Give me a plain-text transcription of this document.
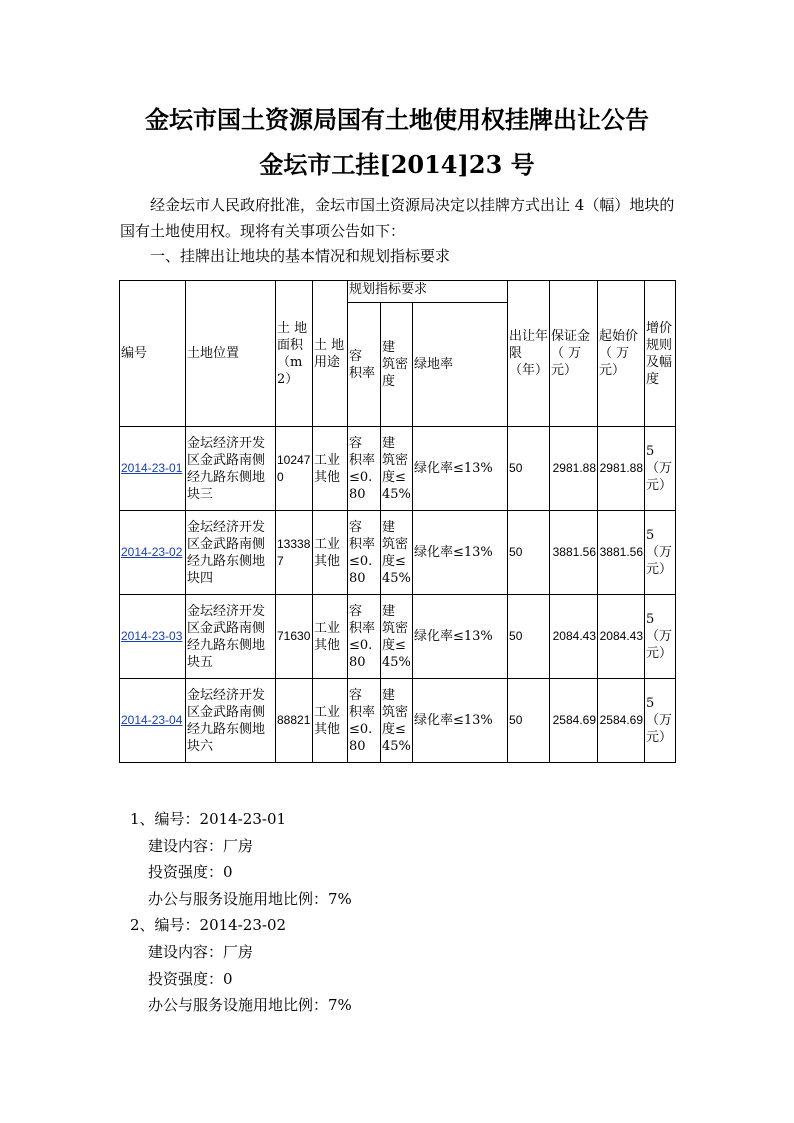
金坛市国土资源局国有土地使用权挂牌出让公告
金坛市工挂[2014]23 号
经金坛市人民政府批准，金坛市国土资源局决定以挂牌方式出让 4（幅）地块的国有土地使用权。现将有关事项公告如下：
一、挂牌出让地块的基本情况和规划指标要求
编号	土地位置	土 地 面积（m2）	土 地用途	规划指标要求			出让年限（年）	保证金（ 万元）	起始价（ 万元）	增价规则及幅度
				容 积率	建 筑密度	绿地率				
2014-23-01	金坛经济开发区金武路南侧经九路东侧地块三	102470	工业其他	容 积率≤0.80	建 筑密 度≤45%	绿化率≤13%	50	2981.88	2981.88	5（万元）
2014-23-02	金坛经济开发区金武路南侧经九路东侧地块四	133387	工业其他	容 积率≤0.80	建 筑密 度≤45%	绿化率≤13%	50	3881.56	3881.56	5（万元）
2014-23-03	金坛经济开发区金武路南侧经九路东侧地块五	71630	工业其他	容 积率≤0.80	建 筑密 度≤45%	绿化率≤13%	50	2084.43	2084.43	5（万元）
2014-23-04	金坛经济开发区金武路南侧经九路东侧地块六	88821	工业其他	容 积率≤0.80	建 筑密 度≤45%	绿化率≤13%	50	2584.69	2584.69	5（万元）
1、编号：2014-23-01
建设内容：厂房
投资强度：0
办公与服务设施用地比例：7%
2、编号：2014-23-02
建设内容：厂房
投资强度：0
办公与服务设施用地比例：7%
